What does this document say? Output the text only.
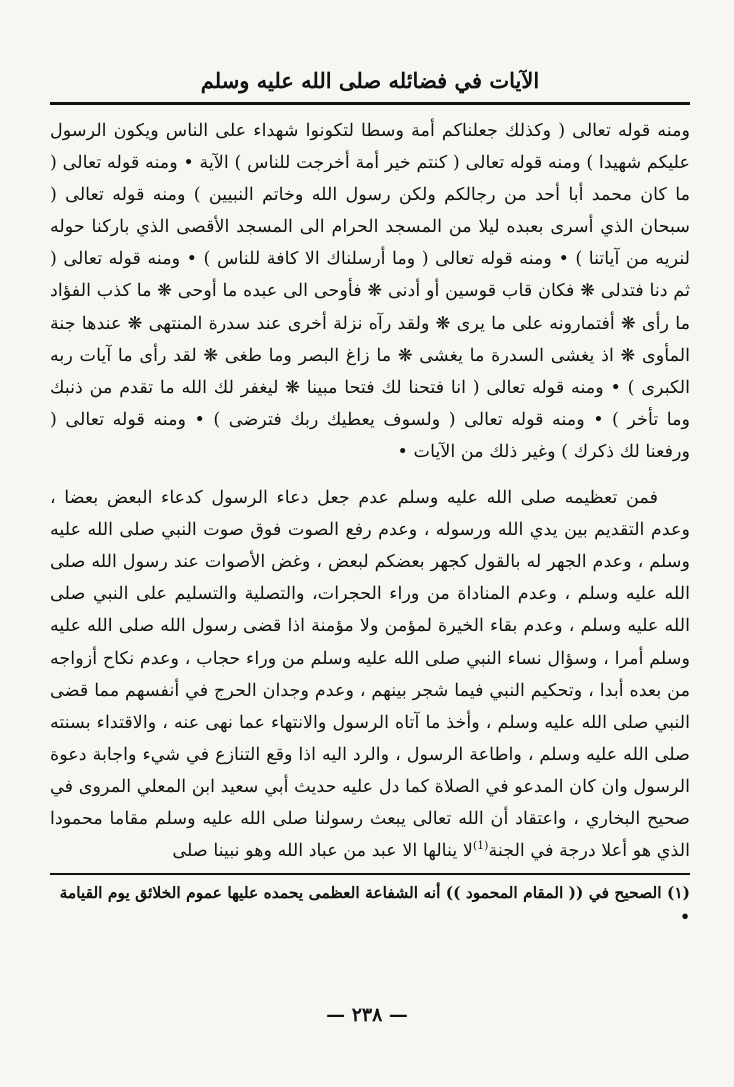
الآيات في فضائله صلى الله عليه وسلم
ومنه قوله تعالى ( وكذلك جعلناكم أمة وسطا لتكونوا شهداء على الناس ويكون الرسول عليكم شهيدا ) ومنه قوله تعالى ( كنتم خير أمة أخرجت للناس ) الآية • ومنه قوله تعالى ( ما كان محمد أبا أحد من رجالكم ولكن رسول الله وخاتم النبيين ) ومنه قوله تعالى ( سبحان الذي أسرى بعبده ليلا من المسجد الحرام الى المسجد الأقصى الذي باركنا حوله لنريه من آياتنا ) • ومنه قوله تعالى ( وما أرسلناك الا كافة للناس ) • ومنه قوله تعالى ( ثم دنا فتدلى ❋ فكان قاب قوسين أو أدنى ❋ فأوحى الى عبده ما أوحى ❋ ما كذب الفؤاد ما رأى ❋ أفتمارونه على ما يرى ❋ ولقد رآه نزلة أخرى عند سدرة المنتهى ❋ عندها جنة المأوى ❋ اذ يغشى السدرة ما يغشى ❋ ما زاغ البصر وما طغى ❋ لقد رأى ما آيات ربه الكبرى ) • ومنه قوله تعالى ( انا فتحنا لك فتحا مبينا ❋ ليغفر لك الله ما تقدم من ذنبك وما تأخر ) • ومنه قوله تعالى ( ولسوف يعطيك ربك فترضى ) • ومنه قوله تعالى ( ورفعنا لك ذكرك ) وغير ذلك من الآيات •
فمن تعظيمه صلى الله عليه وسلم عدم جعل دعاء الرسول كدعاء البعض بعضا ، وعدم التقديم بين يدي الله ورسوله ، وعدم رفع الصوت فوق صوت النبي صلى الله عليه وسلم ، وعدم الجهر له بالقول كجهر بعضكم لبعض ، وغض الأصوات عند رسول الله صلى الله عليه وسلم ، وعدم المناداة من وراء الحجرات، والتصلية والتسليم على النبي صلى الله عليه وسلم ، وعدم بقاء الخيرة لمؤمن ولا مؤمنة اذا قضى رسول الله صلى الله عليه وسلم أمرا ، وسؤال نساء النبي صلى الله عليه وسلم من وراء حجاب ، وعدم نكاح أزواجه من بعده أبدا ، وتحكيم النبي فيما شجر بينهم ، وعدم وجدان الحرج في أنفسهم مما قضى النبي صلى الله عليه وسلم ، وأخذ ما آتاه الرسول والانتهاء عما نهى عنه ، والاقتداء بسنته صلى الله عليه وسلم ، واطاعة الرسول ، والرد اليه اذا وقع التنازع في شيء واجابة دعوة الرسول وان كان المدعو في الصلاة كما دل عليه حديث أبي سعيد ابن المعلي المروى في صحيح البخاري ، واعتقاد أن الله تعالى يبعث رسولنا صلى الله عليه وسلم مقاما محمودا الذي هو أعلا درجة في الجنة$^{(1)}$لا ينالها الا عبد من عباد الله وهو نبينا صلى
(١) الصحيح في (( المقام المحمود )) أنه الشفاعة العظمى يحمده عليها عموم الخلائق يوم القيامة •
— ٢٣٨ —
